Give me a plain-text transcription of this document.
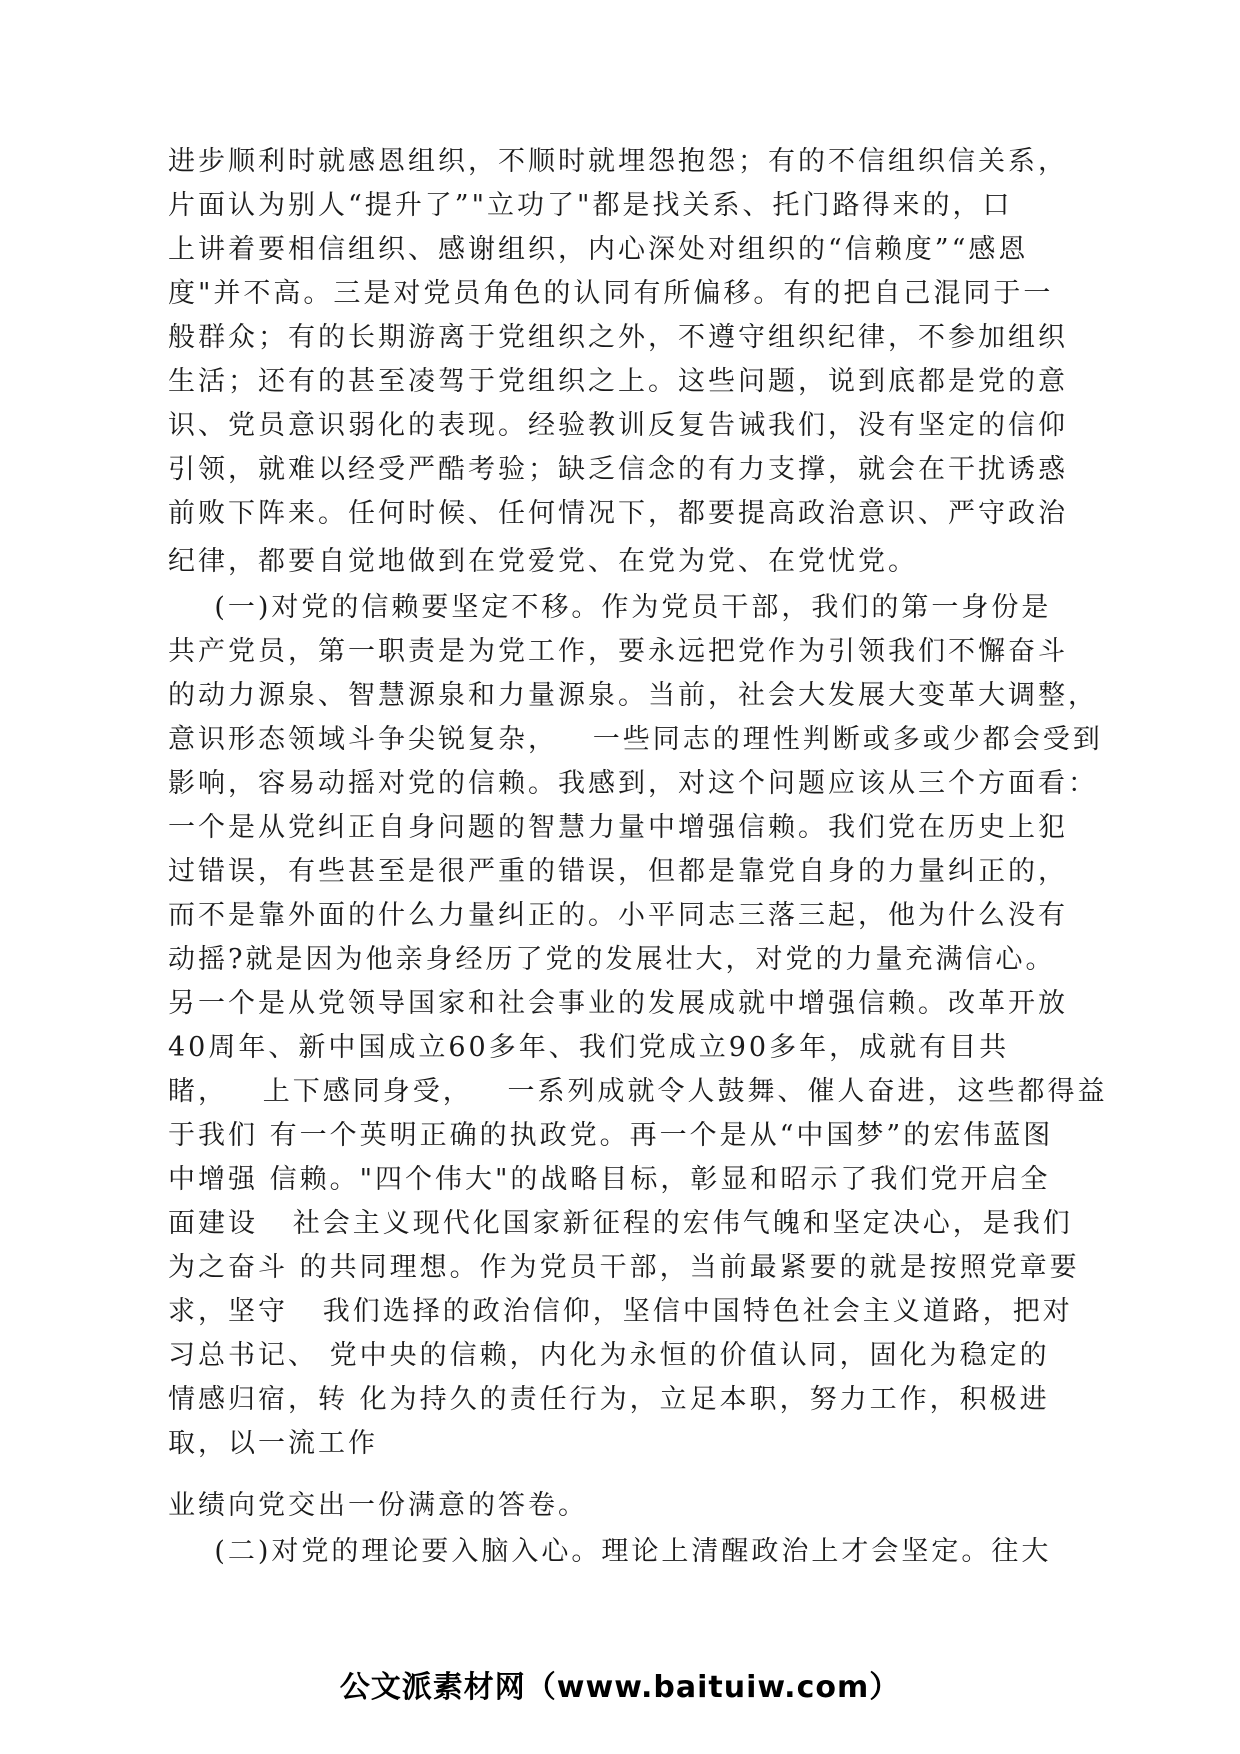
进步顺利时就感恩组织，不顺时就埋怨抱怨；有的不信组织信关系，
片面认为别人“提升了”"立功了"都是找关系、托门路得来的，口
上讲着要相信组织、感谢组织，内心深处对组织的“信赖度”“感恩
度"并不高。三是对党员角色的认同有所偏移。有的把自己混同于一
般群众；有的长期游离于党组织之外，不遵守组织纪律，不参加组织
生活；还有的甚至凌驾于党组织之上。这些问题，说到底都是党的意
识、党员意识弱化的表现。经验教训反复告诫我们，没有坚定的信仰
引领，就难以经受严酷考验；缺乏信念的有力支撑，就会在干扰诱惑
前败下阵来。任何时候、任何情况下，都要提高政治意识、严守政治
纪律，都要自觉地做到在党爱党、在党为党、在党忧党。
(一)对党的信赖要坚定不移。作为党员干部，我们的第一身份是
共产党员，第一职责是为党工作，要永远把党作为引领我们不懈奋斗
的动力源泉、智慧源泉和力量源泉。当前，社会大发展大变革大调整，
意识形态领域斗争尖锐复杂，   一些同志的理性判断或多或少都会受到
影响，容易动摇对党的信赖。我感到，对这个问题应该从三个方面看：
一个是从党纠正自身问题的智慧力量中增强信赖。我们党在历史上犯
过错误，有些甚至是很严重的错误，但都是靠党自身的力量纠正的，
而不是靠外面的什么力量纠正的。小平同志三落三起，他为什么没有
动摇?就是因为他亲身经历了党的发展壮大，对党的力量充满信心。
另一个是从党领导国家和社会事业的发展成就中增强信赖。改革开放
40周年、新中国成立60多年、我们党成立90多年，成就有目共
睹，   上下感同身受，   一系列成就令人鼓舞、催人奋进，这些都得益
于我们 有一个英明正确的执政党。再一个是从“中国梦”的宏伟蓝图
中增强 信赖。"四个伟大"的战略目标，彰显和昭示了我们党开启全
面建设   社会主义现代化国家新征程的宏伟气魄和坚定决心，是我们
为之奋斗 的共同理想。作为党员干部，当前最紧要的就是按照党章要
求，坚守   我们选择的政治信仰，坚信中国特色社会主义道路，把对
习总书记、 党中央的信赖，内化为永恒的价值认同，固化为稳定的
情感归宿，转 化为持久的责任行为，立足本职，努力工作，积极进
取，以一流工作
业绩向党交出一份满意的答卷。
(二)对党的理论要入脑入心。理论上清醒政治上才会坚定。往大
公文派素材网（www.baituiw.com）
